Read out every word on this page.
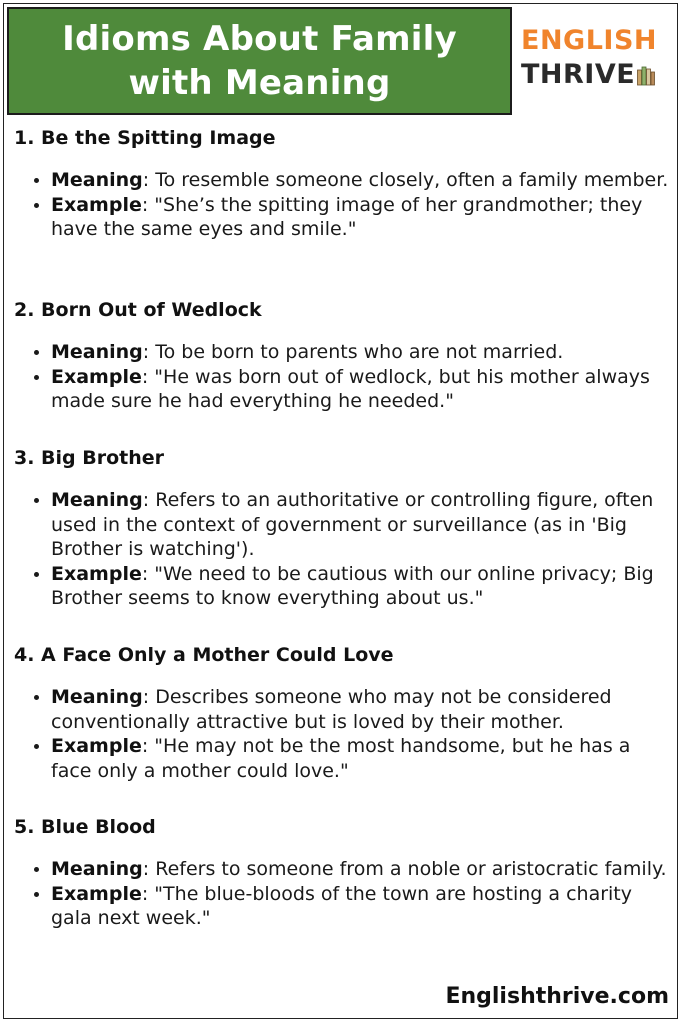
Idioms About Family
with Meaning
ENGLISH
THRIVE
1. Be the Spitting Image
• Meaning: To resemble someone closely, often a family member.
• Example: "She’s the spitting image of her grandmother; they have the same eyes and smile."
2. Born Out of Wedlock
• Meaning: To be born to parents who are not married.
• Example: "He was born out of wedlock, but his mother always made sure he had everything he needed."
3. Big Brother
• Meaning: Refers to an authoritative or controlling figure, often used in the context of government or surveillance (as in 'Big Brother is watching').
• Example: "We need to be cautious with our online privacy; Big Brother seems to know everything about us."
4. A Face Only a Mother Could Love
• Meaning: Describes someone who may not be considered conventionally attractive but is loved by their mother.
• Example: "He may not be the most handsome, but he has a face only a mother could love."
5. Blue Blood
• Meaning: Refers to someone from a noble or aristocratic family.
• Example: "The blue-bloods of the town are hosting a charity gala next week."
Englishthrive.com
